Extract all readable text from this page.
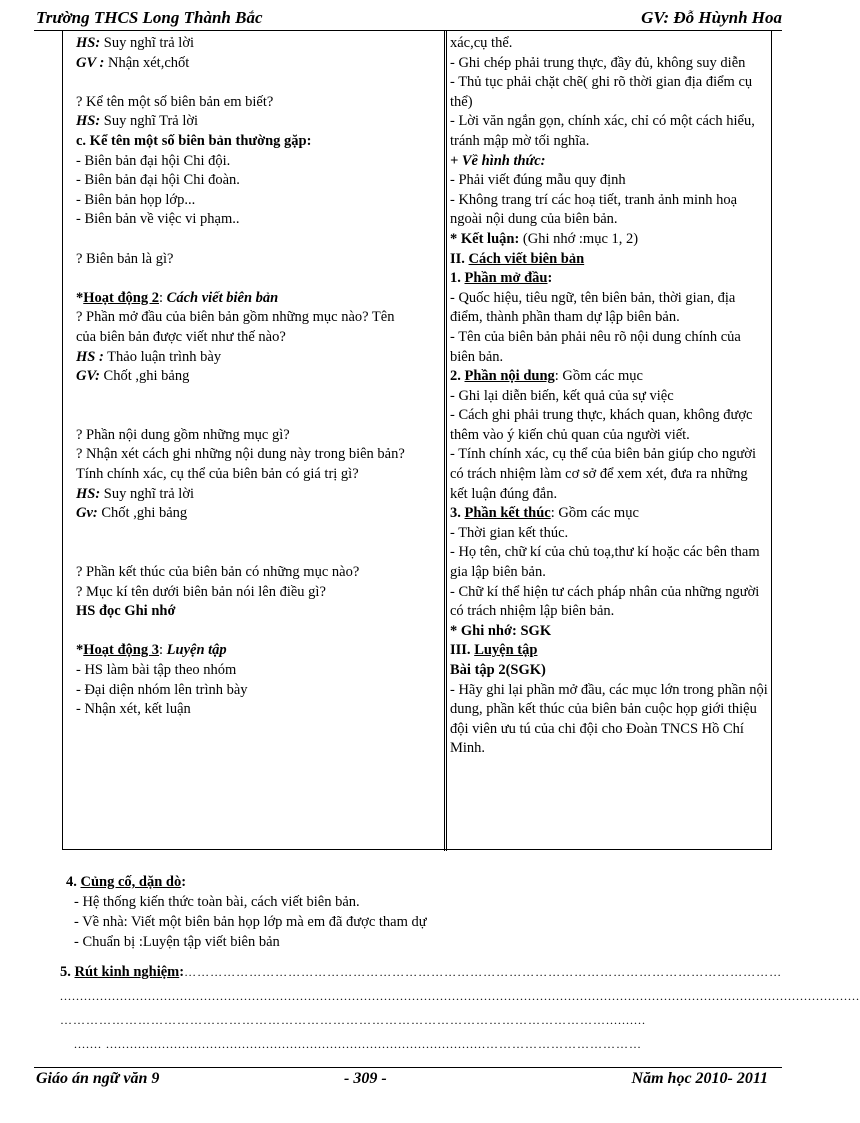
Trường THCS Long Thành Bắc	GV: Đỗ Hùynh Hoa
HS: Suy nghĩ trả lời
GV : Nhận xét,chốt
? Kể tên một số biên bản em biết?
HS: Suy nghĩ Trả lời
c. Kể tên một số biên bản thường gặp:
- Biên bản đại hội Chi đội.
- Biên bản đại hội Chi đoàn.
- Biên bản họp lớp...
- Biên bản về việc vi phạm..
? Biên bản là gì?
*Hoạt động 2: Cách viết biên bản
? Phần mở đầu của biên bản gồm những mục nào? Tên của biên bản được viết như thế nào?
HS : Thảo luận trình bày
GV: Chốt ,ghi bảng
? Phần nội dung gồm những mục gì?
? Nhận xét cách ghi những nội dung này trong biên bản? Tính chính xác, cụ thể của biên bản có giá trị gì?
HS: Suy nghĩ trả lời
Gv: Chốt ,ghi bảng
? Phần kết thúc của biên bản có những mục nào?
? Mục kí tên dưới biên bản nói lên điều gì?
HS đọc Ghi nhớ
*Hoạt động 3: Luyện tập
- HS làm bài tập theo nhóm
- Đại diện nhóm lên trình bày
- Nhận xét, kết luận
xác,cụ thể.
- Ghi chép phải trung thực, đầy đủ, không suy diễn
- Thủ tục phải chặt chẽ( ghi rõ thời gian địa điểm cụ thể)
- Lời văn ngắn gọn, chính xác, chỉ có một cách hiểu, tránh mập mờ tối nghĩa.
+ Về hình thức:
- Phải viết đúng mẫu quy định
- Không trang trí các hoạ tiết, tranh ảnh minh hoạ ngoài nội dung của biên bản.
* Kết luận: (Ghi nhớ :mục 1, 2)
II. Cách viết biên bản
1. Phần mở đầu:
- Quốc hiệu, tiêu ngữ, tên biên bản, thời gian, địa điểm, thành phần tham dự lập biên bản.
- Tên của biên bản phải nêu rõ nội dung chính của biên bản.
2. Phần nội dung: Gồm các mục
- Ghi lại diễn biến, kết quả của sự việc
- Cách ghi phải trung thực, khách quan, không được thêm vào ý kiến chủ quan của người viết.
- Tính chính xác, cụ thể của biên bản giúp cho người có trách nhiệm làm cơ sở để xem xét, đưa ra những kết luận đúng đắn.
3. Phần kết thúc: Gồm các mục
- Thời gian kết thúc.
- Họ tên, chữ kí của chủ toạ,thư kí hoặc các bên tham gia lập biên bản.
- Chữ kí thể hiện tư cách pháp nhân của những người có trách nhiệm lập biên bản.
* Ghi nhớ: SGK
III. Luyện tập
Bài tập 2(SGK)
- Hãy ghi lại phần mở đầu, các mục lớn trong phần nội dung, phần kết thúc của biên bản cuộc họp giới thiệu đội viên ưu tú của chi đội cho Đoàn TNCS Hồ Chí Minh.
4. Củng cố, dặn dò:
- Hệ thống kiến thức toàn bài, cách viết biên bản.
- Về nhà: Viết một biên bản họp lớp mà em đã được tham dự
- Chuẩn bị :Luyện tập viết biên bản
5. Rút kinh nghiệm:…………………………………………………………………………………………………………………………
........................................................................................................................................................................................................
………………………………………………………………………………………………………………..........
....... ...............................................................................................………………………………
Giáo án ngữ văn 9	- 309 -	Năm học 2010- 2011
